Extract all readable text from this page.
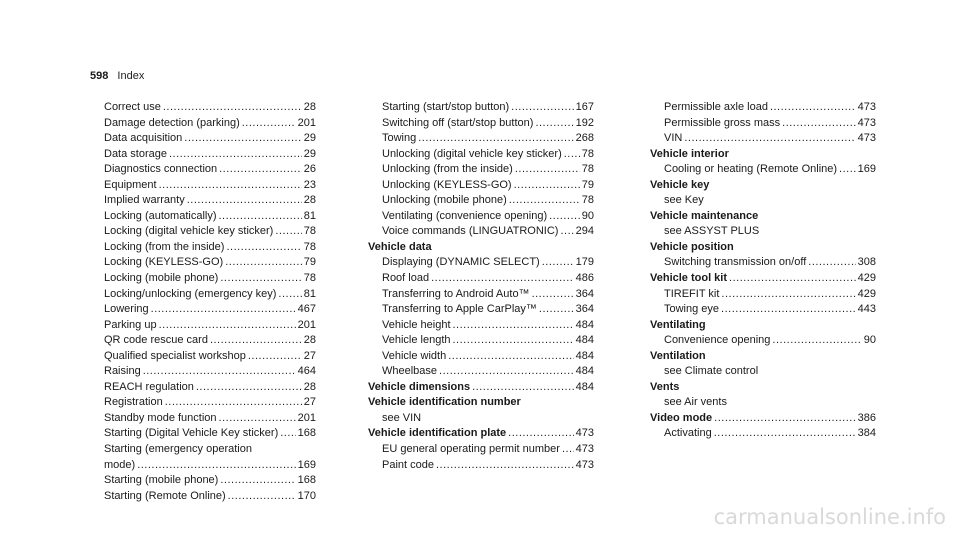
598 Index
Correct use .....	28
Damage detection (parking) .....	201
Data acquisition .....	29
Data storage .....	29
Diagnostics connection .....	26
Equipment .....	23
Implied warranty .....	28
Locking (automatically) .....	81
Locking (digital vehicle key sticker) .....	78
Locking (from the inside) .....	78
Locking (KEYLESS-GO) .....	79
Locking (mobile phone) .....	78
Locking/unlocking (emergency key) ..... 81
Lowering .....	467
Parking up .....	201
QR code rescue card .....	28
Qualified specialist workshop .....	27
Raising .....	464
REACH regulation .....	28
Registration .....	27
Standby mode function .....	201
Starting (Digital Vehicle Key sticker) ..... 168
Starting (emergency operation
mode) .....	169
Starting (mobile phone) .....	168
Starting (Remote Online) .....	170
Starting (start/stop button) .....	167
Switching off (start/stop button) .....	192
Towing .....	268
Unlocking (digital vehicle key sticker) ..... 78
Unlocking (from the inside) .....	78
Unlocking (KEYLESS-GO) .....	79
Unlocking (mobile phone) .....	78
Ventilating (convenience opening) .....	90
Voice commands (LINGUATRONIC) ..... 294
Vehicle data
Displaying (DYNAMIC SELECT) .....	179
Roof load .....	486
Transferring to Android Auto™ .....	364
Transferring to Apple CarPlay™ .....	364
Vehicle height .....	484
Vehicle length .....	484
Vehicle width .....	484
Wheelbase .....	484
Vehicle dimensions .....	484
Vehicle identification number
see VIN
Vehicle identification plate .....	473
EU general operating permit number ..... 473
Paint code .....	473
Permissible axle load .....	473
Permissible gross mass .....	473
VIN .....	473
Vehicle interior
Cooling or heating (Remote Online) ..... 169
Vehicle key
see Key
Vehicle maintenance
see ASSYST PLUS
Vehicle position
Switching transmission on/off .....	308
Vehicle tool kit .....	429
TIREFIT kit .....	429
Towing eye .....	443
Ventilating
Convenience opening .....	90
Ventilation
see Climate control
Vents
see Air vents
Video mode .....	386
Activating .....	384
carmanualsonline.info
